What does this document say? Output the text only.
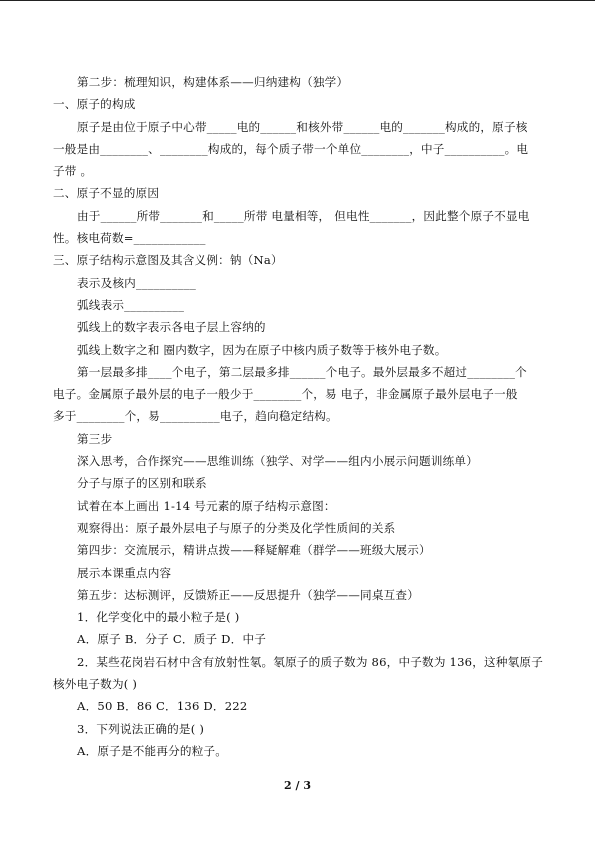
第二步：梳理知识，构建体系——归纳建构（独学）

一、原子的构成

原子是由位于原子中心带_____电的______和核外带______电的_______构成的，原子核

一般是由________、________构成的，每个质子带一个单位________，中子__________。电

子带 。

二、原子不显的原因

由于______所带_______和_____所带 电量相等， 但电性_______，因此整个原子不显电

性。核电荷数=____________

三、原子结构示意图及其含义例：钠（Na）

表示及核内__________

弧线表示__________

弧线上的数字表示各电子层上容纳的

弧线上数字之和 圈内数字，因为在原子中核内质子数等于核外电子数。

第一层最多排____个电子，第二层最多排______个电子。最外层最多不超过________个

电子。金属原子最外层的电子一般少于________个，易 电子，非金属原子最外层电子一般

多于________个，易__________电子，趋向稳定结构。

第三步

深入思考，合作探究——思维训练（独学、对学——组内小展示问题训练单）

分子与原子的区别和联系

试着在本上画出 1-14 号元素的原子结构示意图：

观察得出：原子最外层电子与原子的分类及化学性质间的关系

第四步：交流展示，精讲点拨——释疑解难（群学——班级大展示）

展示本课重点内容

第五步：达标测评，反馈矫正——反思提升（独学——同桌互查）

1．化学变化中的最小粒子是( )

A．原子 B．分子 C．质子 D．中子

2．某些花岗岩石材中含有放射性氡。氡原子的质子数为 86，中子数为 136，这种氡原子

核外电子数为( )

A．50 B．86 C．136 D．222

3．下列说法正确的是( )

A．原子是不能再分的粒子。

2 / 3
